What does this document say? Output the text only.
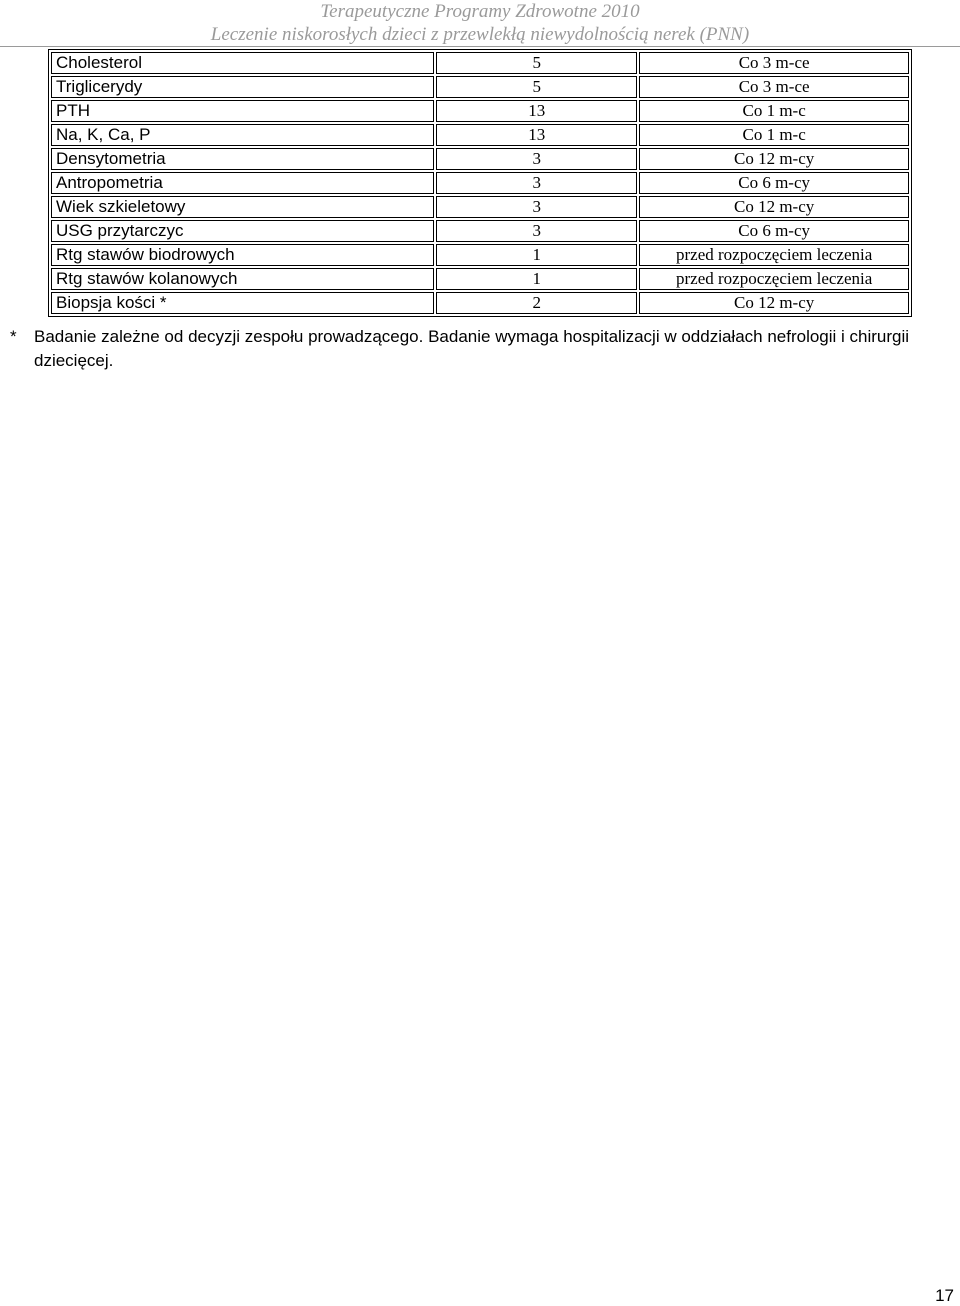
Terapeutyczne Programy Zdrowotne 2010
Leczenie niskorosłych dzieci z przewlekłą niewydolnością nerek (PNN)
Cholesterol	5	Co 3 m-ce
Triglicerydy	5	Co 3 m-ce
PTH	13	Co 1 m-c
Na, K, Ca, P	13	Co 1 m-c
Densytometria	3	Co 12 m-cy
Antropometria	3	Co 6 m-cy
Wiek szkieletowy	3	Co 12 m-cy
USG przytarczyc	3	Co 6 m-cy
Rtg stawów biodrowych	1	przed rozpoczęciem leczenia
Rtg stawów kolanowych	1	przed rozpoczęciem leczenia
Biopsja kości *	2	Co 12 m-cy
*	Badanie zależne od decyzji zespołu prowadzącego. Badanie wymaga hospitalizacji w oddziałach nefrologii i chirurgii dziecięcej.
17
